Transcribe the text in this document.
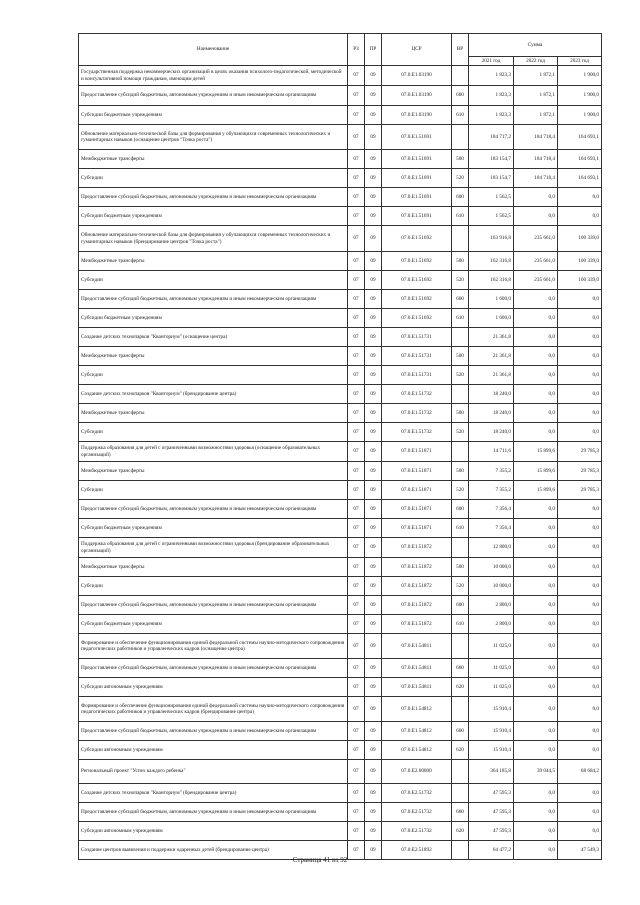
Наименование	РЗ	ПР	ЦСР	ВР	Сумма		
					2021 год	2022 год	2023 год
Государственная поддержка некоммерческих организаций в целях оказания психолого-педагогической, методической и консультативной помощи гражданам, имеющим детей	07	09	07.0.E1.03190		1 823,3	1 872,1	1 900,0
Предоставление субсидий бюджетным, автономным учреждениям и иным некоммерческим организациям	07	09	07.0.E1.03190	600	1 823,3	1 872,1	1 900,0
Субсидии бюджетным учреждениям	07	09	07.0.E1.03190	610	1 823,3	1 872,1	1 900,0
Обновление материально-технической базы для формирования у обучающихся современных технологических и гуманитарных навыков (оснащение центров "Точка роста")	07	09	07.0.E1.51691		184 717,2	184 718,4	164 693,1
Межбюджетные трансферты	07	09	07.0.E1.51691	500	183 154,7	184 718,4	164 693,1
Субсидии	07	09	07.0.E1.51691	520	183 154,7	184 718,4	164 693,1
Предоставление субсидий бюджетным, автономным учреждениям и иным некоммерческим организациям	07	09	07.0.E1.51691	600	1 562,5	0,0	0,0
Субсидии бюджетным учреждениям	07	09	07.0.E1.51691	610	1 562,5	0,0	0,0
Обновление материально-технической базы для формирования у обучающихся современных технологических и гуманитарных навыков (брендирование центров "Точка роста")	07	09	07.0.E1.51692		163 916,8	235 661,0	100 339,0
Межбюджетные трансферты	07	09	07.0.E1.51692	500	162 316,8	235 661,0	100 339,0
Субсидии	07	09	07.0.E1.51692	520	162 316,8	235 661,0	100 339,0
Предоставление субсидий бюджетным, автономным учреждениям и иным некоммерческим организациям	07	09	07.0.E1.51692	600	1 600,0	0,0	0,0
Субсидии бюджетным учреждениям	07	09	07.0.E1.51692	610	1 600,0	0,0	0,0
Создание детских технопарков "Кванториум" (оснащение центра)	07	09	07.0.E1.51731		21 361,8	0,0	0,0
Межбюджетные трансферты	07	09	07.0.E1.51731	500	21 361,8	0,0	0,0
Субсидии	07	09	07.0.E1.51731	520	21 361,8	0,0	0,0
Создание детских технопарков "Кванториум" (брендирование центра)	07	09	07.0.E1.51732		18 240,0	0,0	0,0
Межбюджетные трансферты	07	09	07.0.E1.51732	500	18 240,0	0,0	0,0
Субсидии	07	09	07.0.E1.51732	520	18 240,0	0,0	0,0
Поддержка образования для детей с ограниченными возможностями здоровья (оснащение образовательных организаций)	07	09	07.0.E1.51871		14 711,6	15 899,6	29 785,3
Межбюджетные трансферты	07	09	07.0.E1.51871	500	7 355,2	15 899,6	29 785,3
Субсидии	07	09	07.0.E1.51871	520	7 355,2	15 899,6	29 785,3
Предоставление субсидий бюджетным, автономным учреждениям и иным некоммерческим организациям	07	09	07.0.E1.51871	600	7 356,4	0,0	0,0
Субсидии бюджетным учреждениям	07	09	07.0.E1.51871	610	7 356,4	0,0	0,0
Поддержка образования для детей с ограниченными возможностями здоровья (брендирование образовательных организаций)	07	09	07.0.E1.51872		12 800,0	0,0	0,0
Межбюджетные трансферты	07	09	07.0.E1.51872	500	10 000,0	0,0	0,0
Субсидии	07	09	07.0.E1.51872	520	10 000,0	0,0	0,0
Предоставление субсидий бюджетным, автономным учреждениям и иным некоммерческим организациям	07	09	07.0.E1.51872	600	2 800,0	0,0	0,0
Субсидии бюджетным учреждениям	07	09	07.0.E1.51872	610	2 800,0	0,0	0,0
Формирование и обеспечение функционирования единой федеральной системы научно-методического сопровождения педагогических работников и управленческих кадров (оснащение центра)	07	09	07.0.E1.54811		11 025,0	0,0	0,0
Предоставление субсидий бюджетным, автономным учреждениям и иным некоммерческим организациям	07	09	07.0.E1.54811	600	11 025,0	0,0	0,0
Субсидии автономным учреждениям	07	09	07.0.E1.54811	620	11 025,0	0,0	0,0
Формирование и обеспечение функционирования единой федеральной системы научно-методического сопровождения педагогических работников и управленческих кадров (брендирование центра)	07	09	07.0.E1.54812		15 910,4	0,0	0,0
Предоставление субсидий бюджетным, автономным учреждениям и иным некоммерческим организациям	07	09	07.0.E1.54812	600	15 910,4	0,0	0,0
Субсидии автономным учреждениям	07	09	07.0.E1.54812	620	15 910,4	0,0	0,0
Региональный проект "Успех каждого ребенка"	07	09	07.0.E2.00000		364 185,8	39 044,5	68 684,2
Создание детских технопарков "Кванториум" (брендирование центра)	07	09	07.0.E2.51732		47 595,3	0,0	0,0
Предоставление субсидий бюджетным, автономным учреждениям и иным некоммерческим организациям	07	09	07.0.E2.51732	600	47 595,3	0,0	0,0
Субсидии автономным учреждениям	07	09	07.0.E2.51732	620	47 595,3	0,0	0,0
Создание центров выявления и поддержки одаренных детей (брендирование центра)	07	09	07.0.E2.51892		64 477,2	0,0	47 549,3
Страница 41 из 92
